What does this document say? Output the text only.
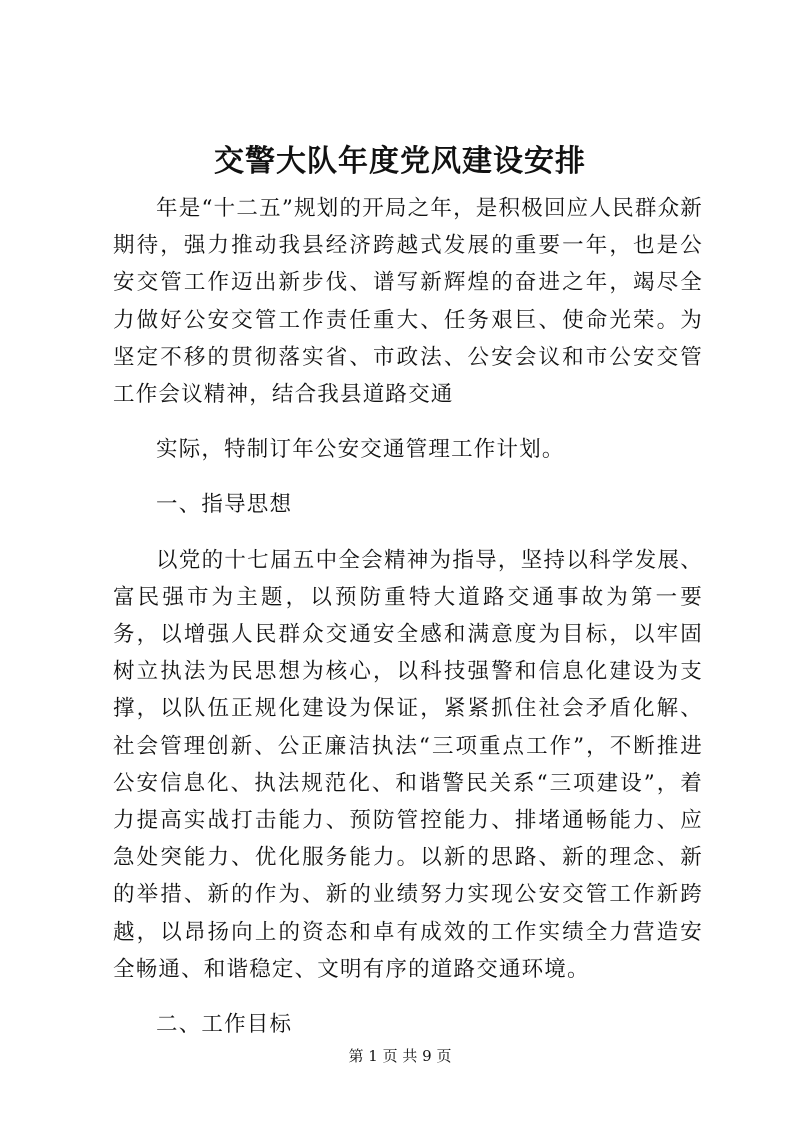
交警大队年度党风建设安排

年是“十二五”规划的开局之年，是积极回应人民群众新期待，强力推动我县经济跨越式发展的重要一年，也是公安交管工作迈出新步伐、谱写新辉煌的奋进之年，竭尽全力做好公安交管工作责任重大、任务艰巨、使命光荣。为坚定不移的贯彻落实省、市政法、公安会议和市公安交管工作会议精神，结合我县道路交通

实际，特制订年公安交通管理工作计划。

一、指导思想

以党的十七届五中全会精神为指导，坚持以科学发展、富民强市为主题，以预防重特大道路交通事故为第一要务，以增强人民群众交通安全感和满意度为目标，以牢固树立执法为民思想为核心，以科技强警和信息化建设为支撑，以队伍正规化建设为保证，紧紧抓住社会矛盾化解、社会管理创新、公正廉洁执法“三项重点工作”，不断推进公安信息化、执法规范化、和谐警民关系“三项建设”，着力提高实战打击能力、预防管控能力、排堵通畅能力、应急处突能力、优化服务能力。以新的思路、新的理念、新的举措、新的作为、新的业绩努力实现公安交管工作新跨越，以昂扬向上的资态和卓有成效的工作实绩全力营造安全畅通、和谐稳定、文明有序的道路交通环境。

二、工作目标

第 1 页 共 9 页
